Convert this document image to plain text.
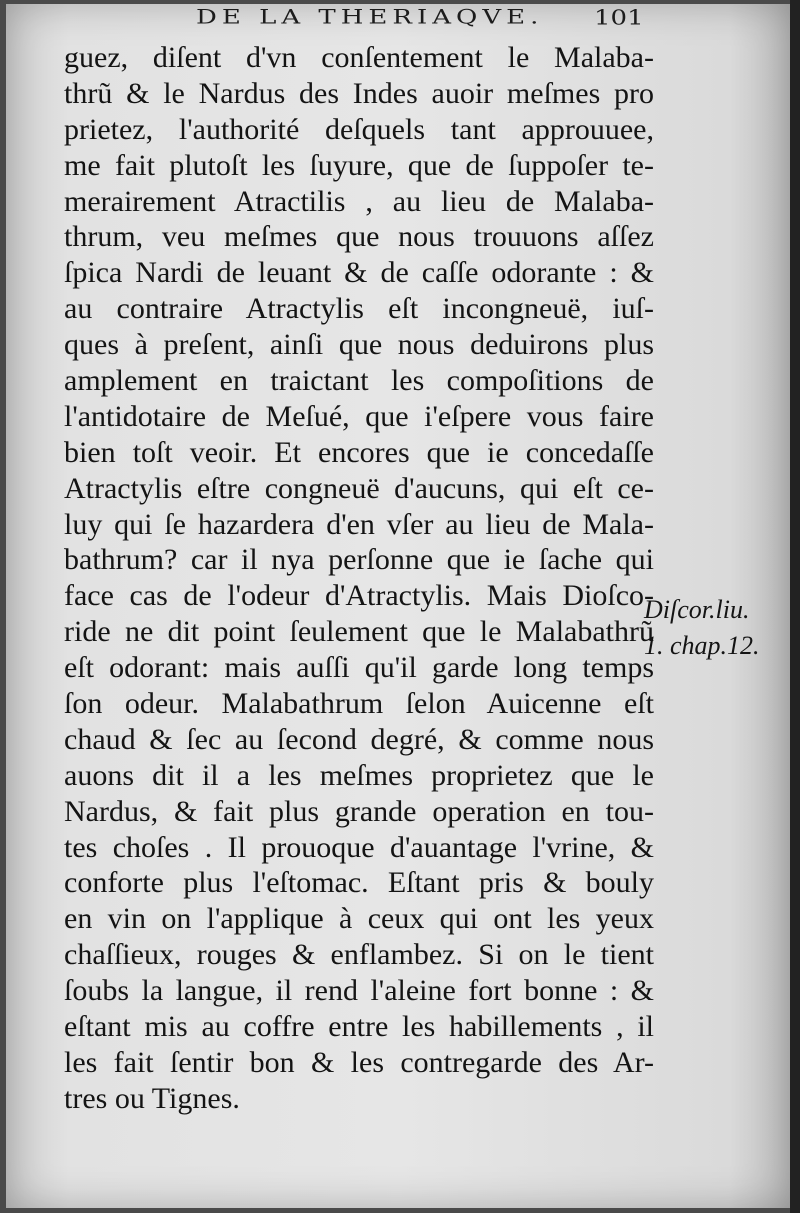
DE LA THERIAQVE. 101
guez, diſent d'vn conſentement le Malaba-
thrũ & le Nardus des Indes auoir meſmes pro
prietez, l'authorité deſquels tant approuuee,
me fait plutoſt les ſuyure, que de ſuppoſer te-
merairement Atractilis , au lieu de Malaba-
thrum, veu meſmes que nous trouuons aſſez
ſpica Nardi de leuant & de caſſe odorante : &
au contraire Atractylis eſt incongneuë, iuſ-
ques à preſent, ainſi que nous deduirons plus
amplement en traictant les compoſitions de
l'antidotaire de Meſué, que i'eſpere vous faire
bien toſt veoir. Et encores que ie concedaſſe
Atractylis eſtre congneuë d'aucuns, qui eſt ce-
luy qui ſe hazardera d'en vſer au lieu de Mala-
bathrum? car il nya perſonne que ie ſache qui
face cas de l'odeur d'Atractylis. Mais Dioſco-
ride ne dit point ſeulement que le Malabathrũ
eſt odorant: mais auſſi qu'il garde long temps
ſon odeur. Malabathrum ſelon Auicenne eſt
chaud & ſec au ſecond degré, & comme nous
auons dit il a les meſmes proprietez que le
Nardus, & fait plus grande operation en tou-
tes choſes . Il prouoque d'auantage l'vrine, &
conforte plus l'eſtomac. Eſtant pris & bouly
en vin on l'applique à ceux qui ont les yeux
chaſſieux, rouges & enflambez. Si on le tient
ſoubs la langue, il rend l'aleine fort bonne : &
eſtant mis au coffre entre les habillements , il
les fait ſentir bon & les contregarde des Ar-
tres ou Tignes.
Diſcor.liu.
1. chap.12.
